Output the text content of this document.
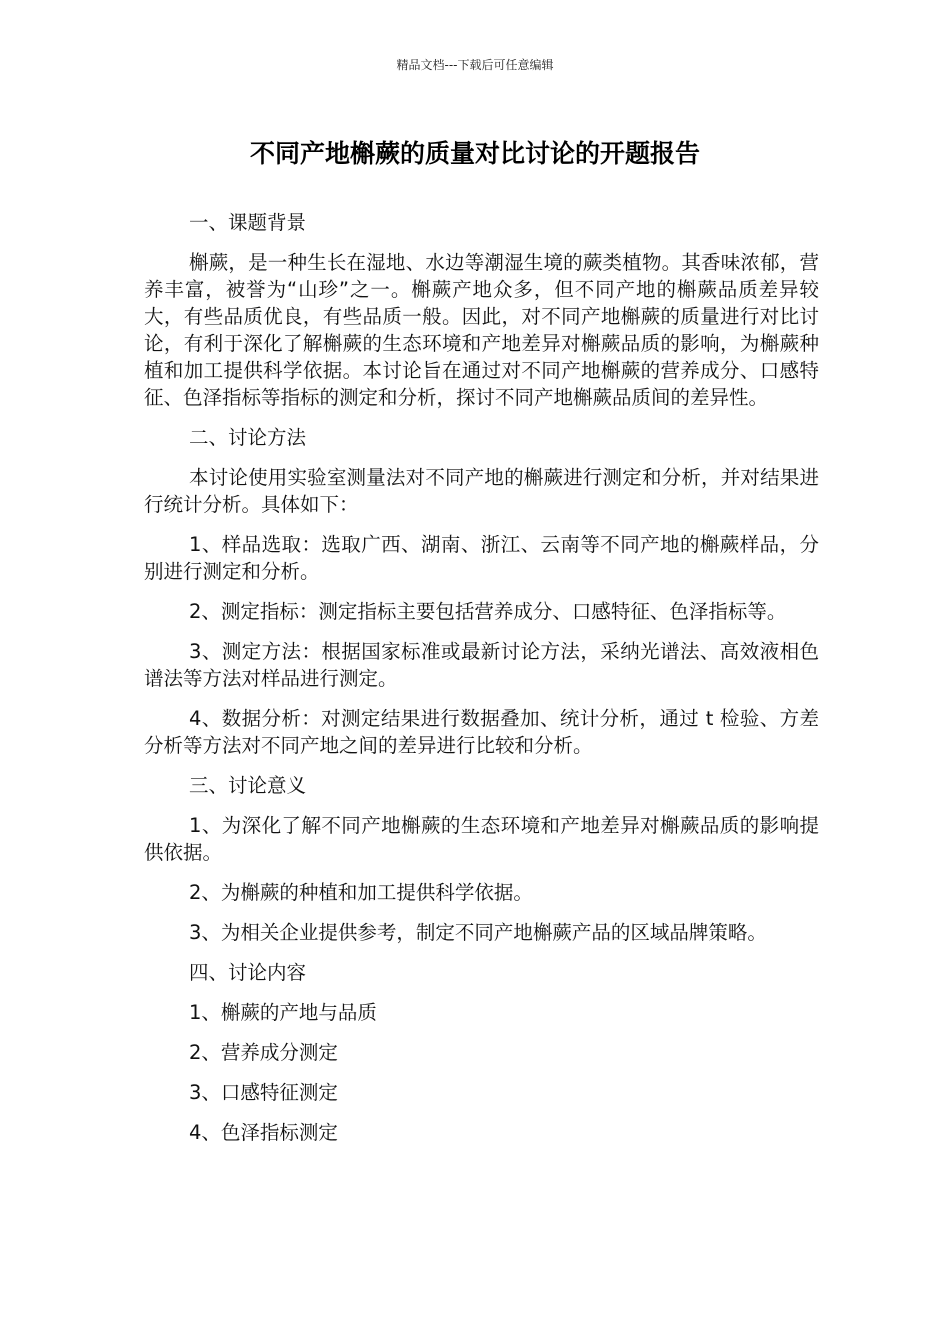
精品文档---下载后可任意编辑
不同产地槲蕨的质量对比讨论的开题报告

一、课题背景

槲蕨，是一种生长在湿地、水边等潮湿生境的蕨类植物。其香味浓郁，营养丰富，被誉为“山珍”之一。槲蕨产地众多，但不同产地的槲蕨品质差异较大，有些品质优良，有些品质一般。因此，对不同产地槲蕨的质量进行对比讨论，有利于深化了解槲蕨的生态环境和产地差异对槲蕨品质的影响，为槲蕨种植和加工提供科学依据。本讨论旨在通过对不同产地槲蕨的营养成分、口感特征、色泽指标等指标的测定和分析，探讨不同产地槲蕨品质间的差异性。

二、讨论方法

本讨论使用实验室测量法对不同产地的槲蕨进行测定和分析，并对结果进行统计分析。具体如下：

1、样品选取：选取广西、湖南、浙江、云南等不同产地的槲蕨样品，分别进行测定和分析。

2、测定指标：测定指标主要包括营养成分、口感特征、色泽指标等。

3、测定方法：根据国家标准或最新讨论方法，采纳光谱法、高效液相色谱法等方法对样品进行测定。

4、数据分析：对测定结果进行数据叠加、统计分析，通过 t 检验、方差分析等方法对不同产地之间的差异进行比较和分析。

三、讨论意义

1、为深化了解不同产地槲蕨的生态环境和产地差异对槲蕨品质的影响提供依据。

2、为槲蕨的种植和加工提供科学依据。

3、为相关企业提供参考，制定不同产地槲蕨产品的区域品牌策略。

四、讨论内容

1、槲蕨的产地与品质

2、营养成分测定

3、口感特征测定

4、色泽指标测定
